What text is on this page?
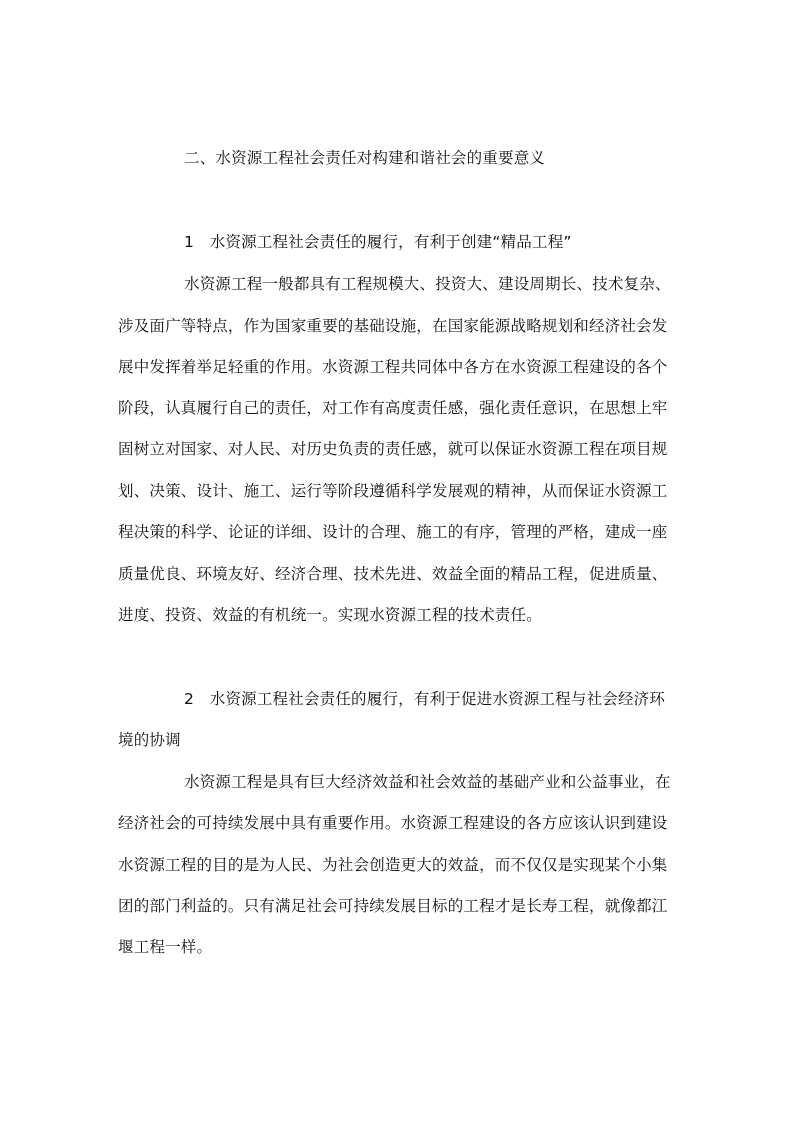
二、水资源工程社会责任对构建和谐社会的重要意义
1　水资源工程社会责任的履行，有利于创建“精品工程”
水资源工程一般都具有工程规模大、投资大、建设周期长、技术复杂、
涉及面广等特点，作为国家重要的基础设施，在国家能源战略规划和经济社会发
展中发挥着举足轻重的作用。水资源工程共同体中各方在水资源工程建设的各个
阶段，认真履行自己的责任，对工作有高度责任感，强化责任意识，在思想上牢
固树立对国家、对人民、对历史负责的责任感，就可以保证水资源工程在项目规
划、决策、设计、施工、运行等阶段遵循科学发展观的精神，从而保证水资源工
程决策的科学、论证的详细、设计的合理、施工的有序，管理的严格，建成一座
质量优良、环境友好、经济合理、技术先进、效益全面的精品工程，促进质量、
进度、投资、效益的有机统一。实现水资源工程的技术责任。
2　水资源工程社会责任的履行，有利于促进水资源工程与社会经济环
境的协调
水资源工程是具有巨大经济效益和社会效益的基础产业和公益事业，在
经济社会的可持续发展中具有重要作用。水资源工程建设的各方应该认识到建设
水资源工程的目的是为人民、为社会创造更大的效益，而不仅仅是实现某个小集
团的部门利益的。只有满足社会可持续发展目标的工程才是长寿工程，就像都江
堰工程一样。
